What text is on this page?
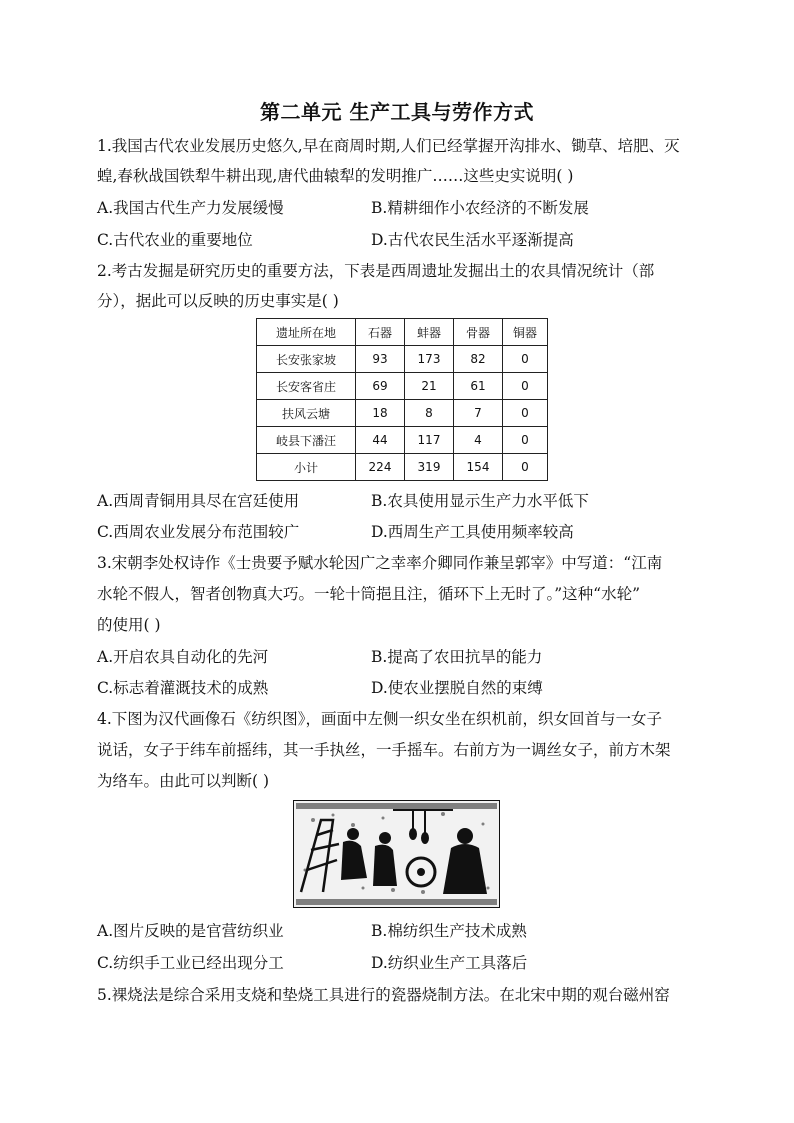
第二单元 生产工具与劳作方式
1.我国古代农业发展历史悠久,早在商周时期,人们已经掌握开沟排水、锄草、培肥、灭
蝗,春秋战国铁犁牛耕出现,唐代曲辕犁的发明推广……这些史实说明( )
A.我国古代生产力发展缓慢	B.精耕细作小农经济的不断发展
C.古代农业的重要地位	D.古代农民生活水平逐渐提高
2.考古发掘是研究历史的重要方法，下表是西周遗址发掘出土的农具情况统计（部
分），据此可以反映的历史事实是( )
遗址所在地	石器	蚌器	骨器	铜器
长安张家坡	93	173	82	0
长安客省庄	69	21	61	0
扶风云塘	18	8	7	0
岐县下潘汪	44	117	4	0
小计	224	319	154	0
A.西周青铜用具尽在宫廷使用	B.农具使用显示生产力水平低下
C.西周农业发展分布范围较广	D.西周生产工具使用频率较高
3.宋朝李处权诗作《士贵要予赋水轮因广之幸率介卿同作兼呈郭宰》中写道：“江南
水轮不假人，智者创物真大巧。一轮十筒挹且注，循环下上无时了。”这种“水轮”
的使用( )
A.开启农具自动化的先河	B.提高了农田抗旱的能力
C.标志着灌溉技术的成熟	D.使农业摆脱自然的束缚
4.下图为汉代画像石《纺织图》，画面中左侧一织女坐在织机前，织女回首与一女子
说话，女子于纬车前摇纬，其一手执丝，一手摇车。右前方为一调丝女子，前方木架
为络车。由此可以判断( )
A.图片反映的是官营纺织业	B.棉纺织生产技术成熟
C.纺织手工业已经出现分工	D.纺织业生产工具落后
5.裸烧法是综合采用支烧和垫烧工具进行的瓷器烧制方法。在北宋中期的观台磁州窑
